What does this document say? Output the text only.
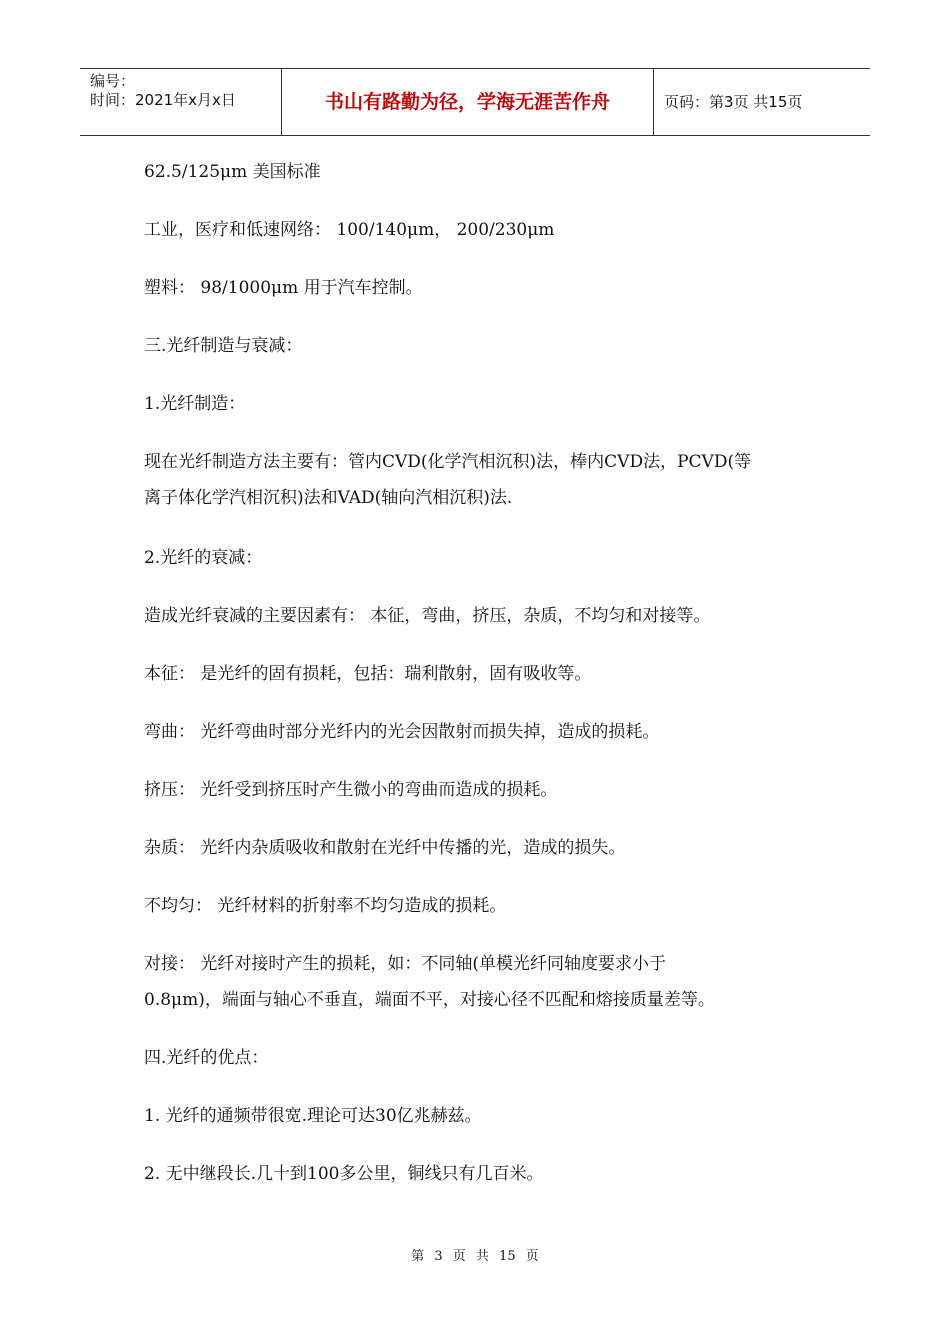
编号：
时间：2021年x月x日	书山有路勤为径，学海无涯苦作舟	页码：第3页 共15页
62.5/125μm 美国标准
工业，医疗和低速网络： 100/140μm， 200/230μm
塑料： 98/1000μm 用于汽车控制。
三.光纤制造与衰减：
1.光纤制造：
现在光纤制造方法主要有：管内CVD(化学汽相沉积)法，棒内CVD法，PCVD(等
离子体化学汽相沉积)法和VAD(轴向汽相沉积)法.
2.光纤的衰减：
造成光纤衰减的主要因素有： 本征，弯曲，挤压，杂质，不均匀和对接等。
本征： 是光纤的固有损耗，包括：瑞利散射，固有吸收等。
弯曲： 光纤弯曲时部分光纤内的光会因散射而损失掉，造成的损耗。
挤压： 光纤受到挤压时产生微小的弯曲而造成的损耗。
杂质： 光纤内杂质吸收和散射在光纤中传播的光，造成的损失。
不均匀： 光纤材料的折射率不均匀造成的损耗。
对接： 光纤对接时产生的损耗，如：不同轴(单模光纤同轴度要求小于
0.8μm)，端面与轴心不垂直，端面不平，对接心径不匹配和熔接质量差等。
四.光纤的优点：
1. 光纤的通频带很宽.理论可达30亿兆赫兹。
2. 无中继段长.几十到100多公里，铜线只有几百米。
第 3 页 共 15 页
